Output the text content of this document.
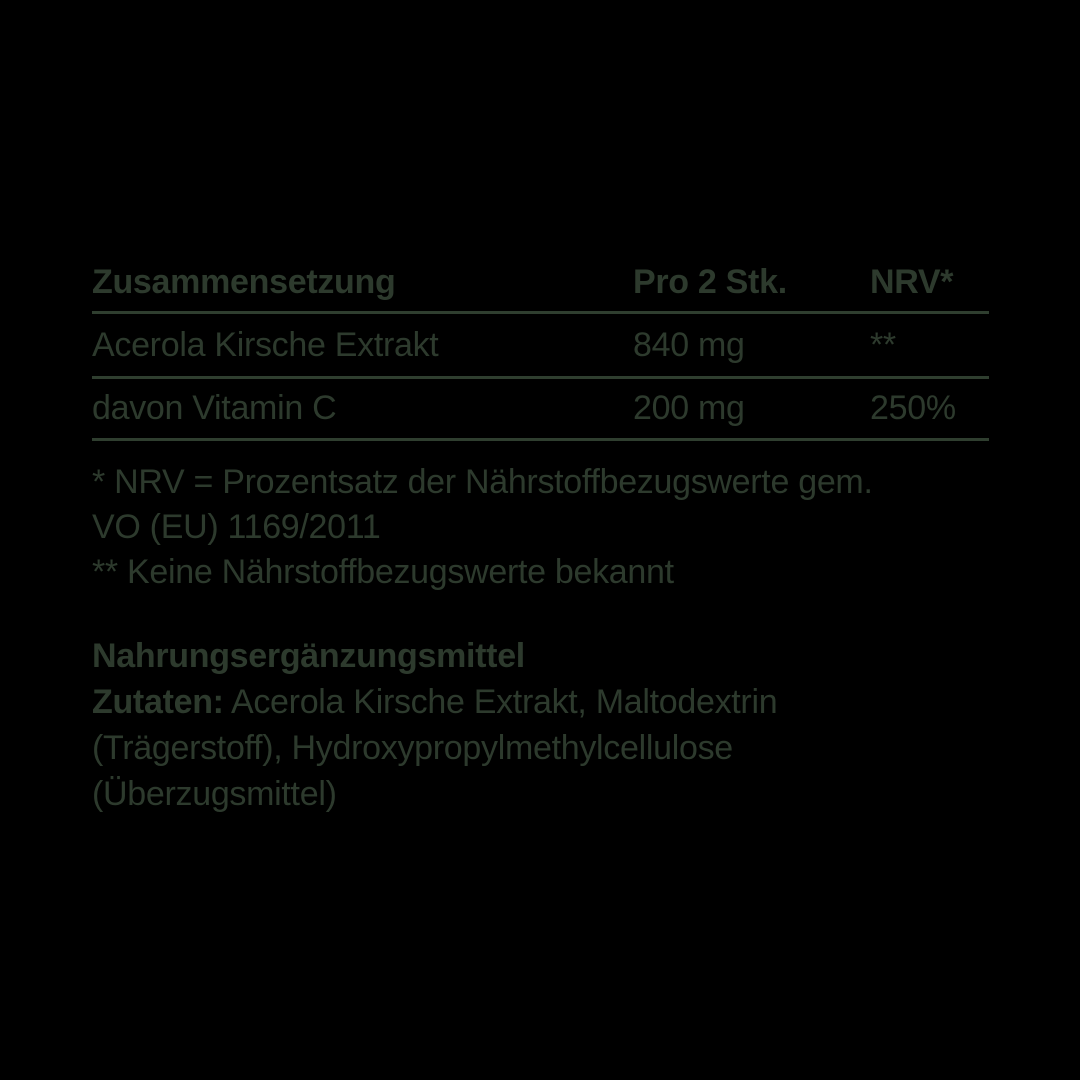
Zusammensetzung	Pro 2 Stk.	NRV*
Acerola Kirsche Extrakt	840 mg	**
davon Vitamin C	200 mg	250%
* NRV = Prozentsatz der Nährstoffbezugswerte gem.
VO (EU) 1169/2011
** Keine Nährstoffbezugswerte bekannt
Nahrungsergänzungsmittel
Zutaten: Acerola Kirsche Extrakt, Maltodextrin
(Trägerstoff), Hydroxypropylmethylcellulose
(Überzugsmittel)
